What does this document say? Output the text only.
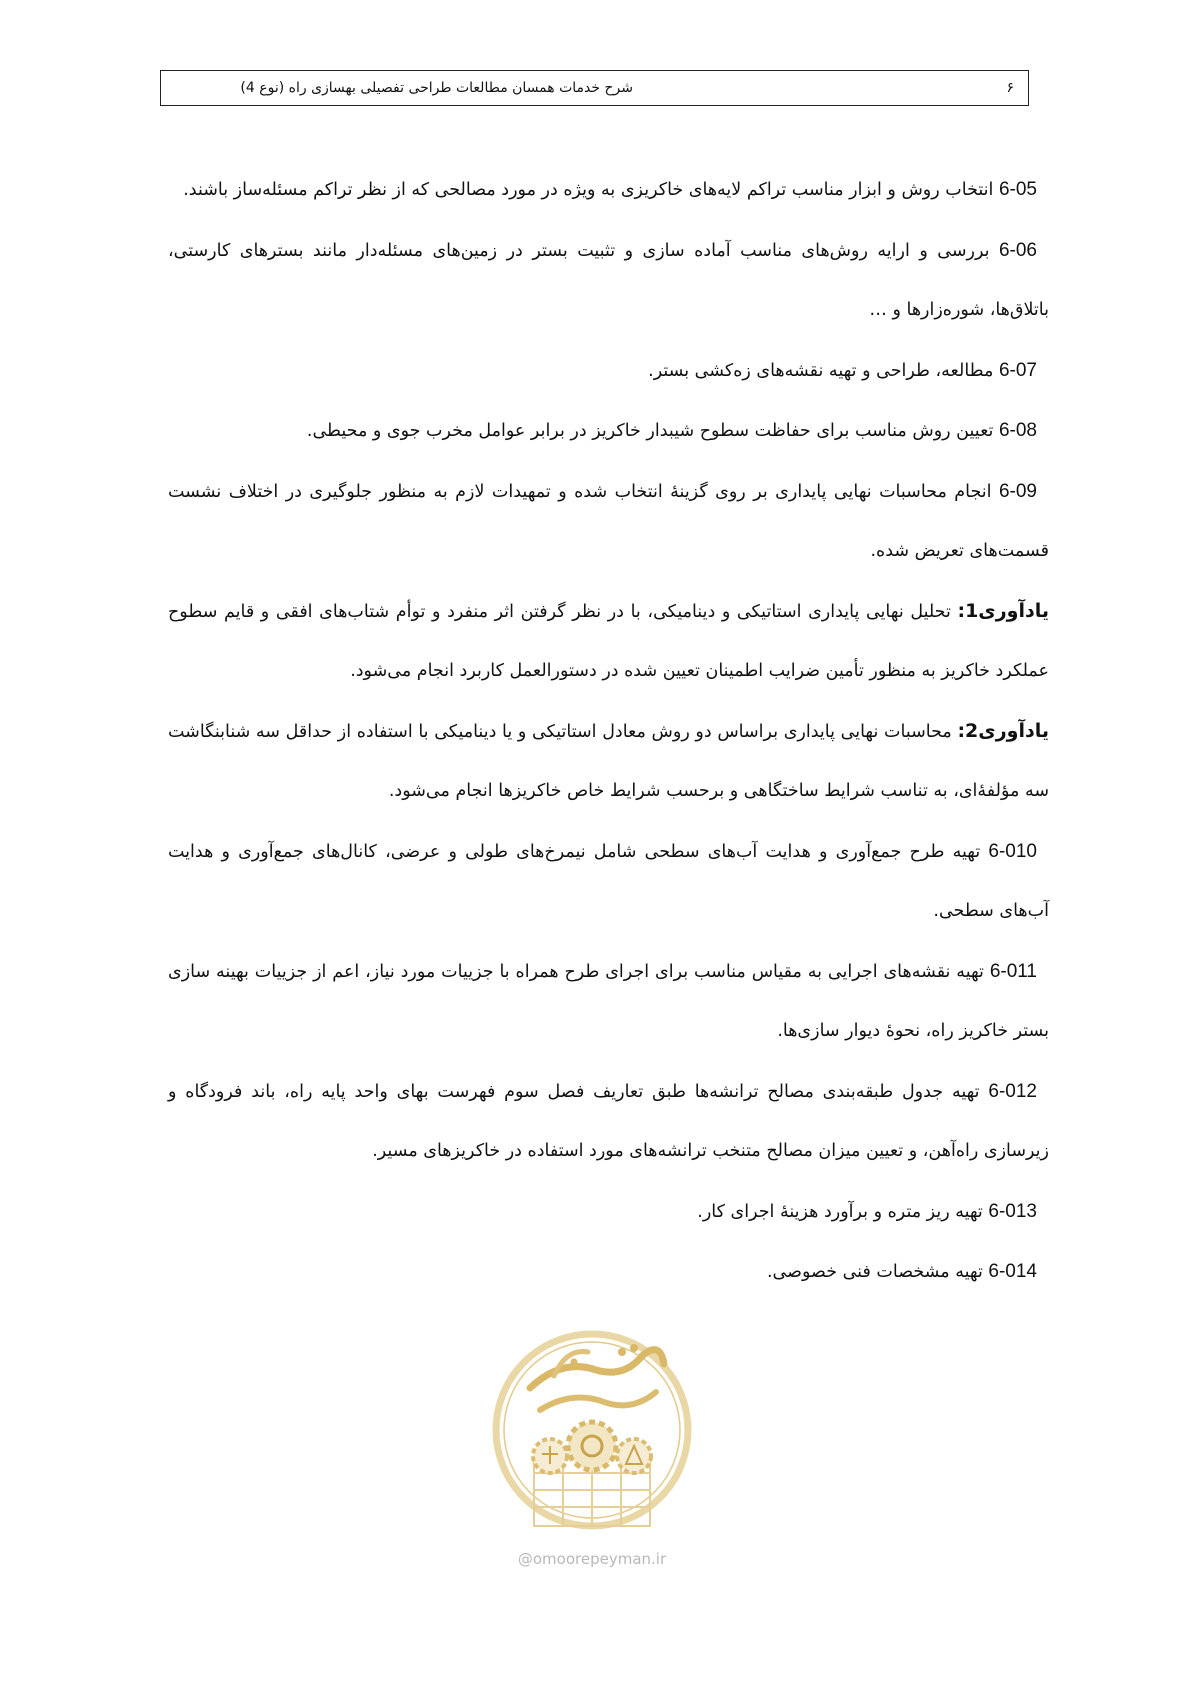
شرح خدمات همسان مطالعات طراحی تفصیلی بهسازی راه (نوع 4)	۶

6-05 انتخاب روش و ابزار مناسب تراکم لایه‌های خاکریزی به ویژه در مورد مصالحی که از نظر تراکم مسئله‌ساز باشند.

6-06 بررسی و ارایه روش‌های مناسب آماده سازی و تثبیت بستر در زمین‌های مسئله‌دار مانند بسترهای کارستی، باتلاق‌ها، شوره‌زارها و …

6-07 مطالعه، طراحی و تهیه نقشه‌های زه‌کشی بستر.

6-08 تعیین روش مناسب برای حفاظت سطوح شیبدار خاکریز در برابر عوامل مخرب جوی و محیطی.

6-09 انجام محاسبات نهایی پایداری بر روی گزینهٔ انتخاب شده و تمهیدات لازم به منظور جلوگیری در اختلاف نشست قسمت‌های تعریض شده.

یادآوری1: تحلیل نهایی پایداری استاتیکی و دینامیکی، با در نظر گرفتن اثر منفرد و توأم شتاب‌های افقی و قایم سطوح عملکرد خاکریز به منظور تأمین ضرایب اطمینان تعیین شده در دستورالعمل کاربرد انجام می‌شود.

یادآوری2: محاسبات نهایی پایداری براساس دو روش معادل استاتیکی و یا دینامیکی با استفاده از حداقل سه شنابنگاشت سه مؤلفۀای، به تناسب شرایط ساختگاهی و برحسب شرایط خاص خاکریزها انجام می‌شود.

6-010 تهیه طرح جمع‌آوری و هدایت آب‌های سطحی شامل نیمرخ‌های طولی و عرضی، کانال‌های جمع‌آوری و هدایت آب‌های سطحی.

6-011 تهیه نقشه‌های اجرایی به مقیاس مناسب برای اجرای طرح همراه با جزییات مورد نیاز، اعم از جزییات بهینه سازی بستر خاکریز راه، نحوهٔ دیوار سازی‌ها.

6-012 تهیه جدول طبقه‌بندی مصالح ترانشه‌ها طبق تعاریف فصل سوم فهرست بهای واحد پایه راه، باند فرودگاه و زیرسازی راه‌آهن، و تعیین میزان مصالح متنخب ترانشه‌های مورد استفاده در خاکریزهای مسیر.

6-013 تهیه ریز متره و برآورد هزینهٔ اجرای کار.

6-014 تهیه مشخصات فنی خصوصی.

@omoorepeyman.ir
